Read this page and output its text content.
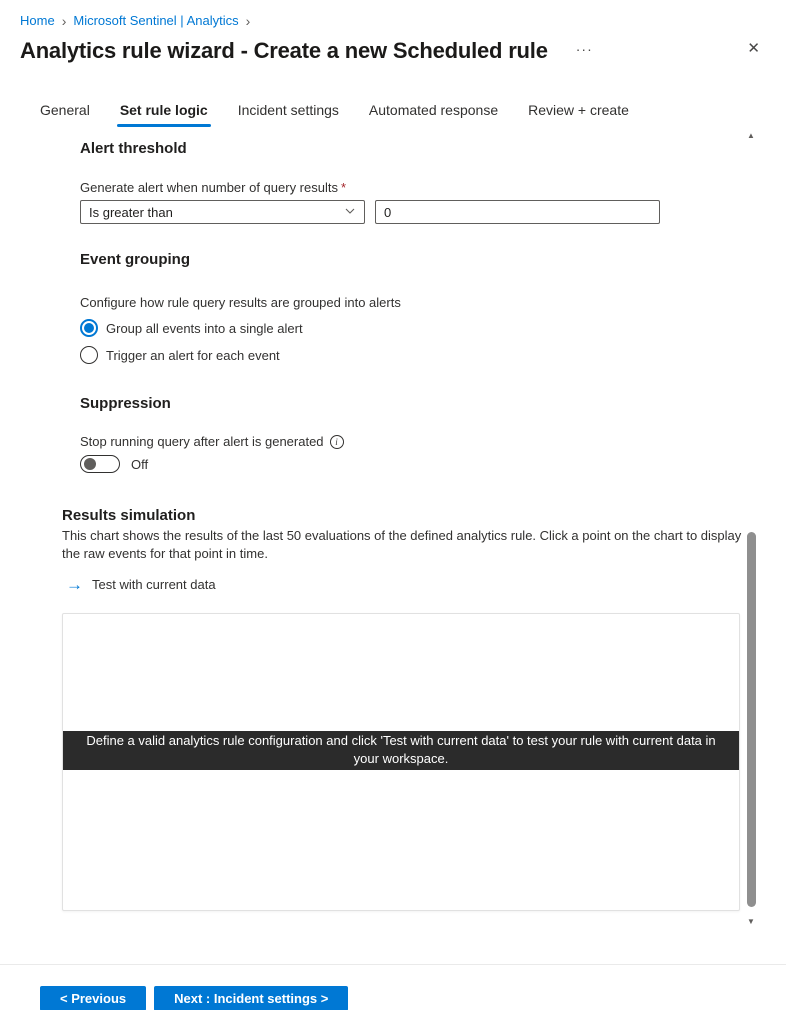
Home › Microsoft Sentinel | Analytics ›
Analytics rule wizard - Create a new Scheduled rule ···	✕
General Set rule logic Incident settings Automated response Review + create
Alert threshold
Generate alert when number of query results *
Is greater than
0
Event grouping
Configure how rule query results are grouped into alerts
Group all events into a single alert
Trigger an alert for each event
Suppression
Stop running query after alert is generated	i
Off
Results simulation
This chart shows the results of the last 50 evaluations of the defined analytics rule. Click a point on the chart to display the raw events for that point in time.
→ Test with current data
Define a valid analytics rule configuration and click 'Test with current data' to test your rule with current data in your workspace.
▲
▼
< Previous	Next : Incident settings >
